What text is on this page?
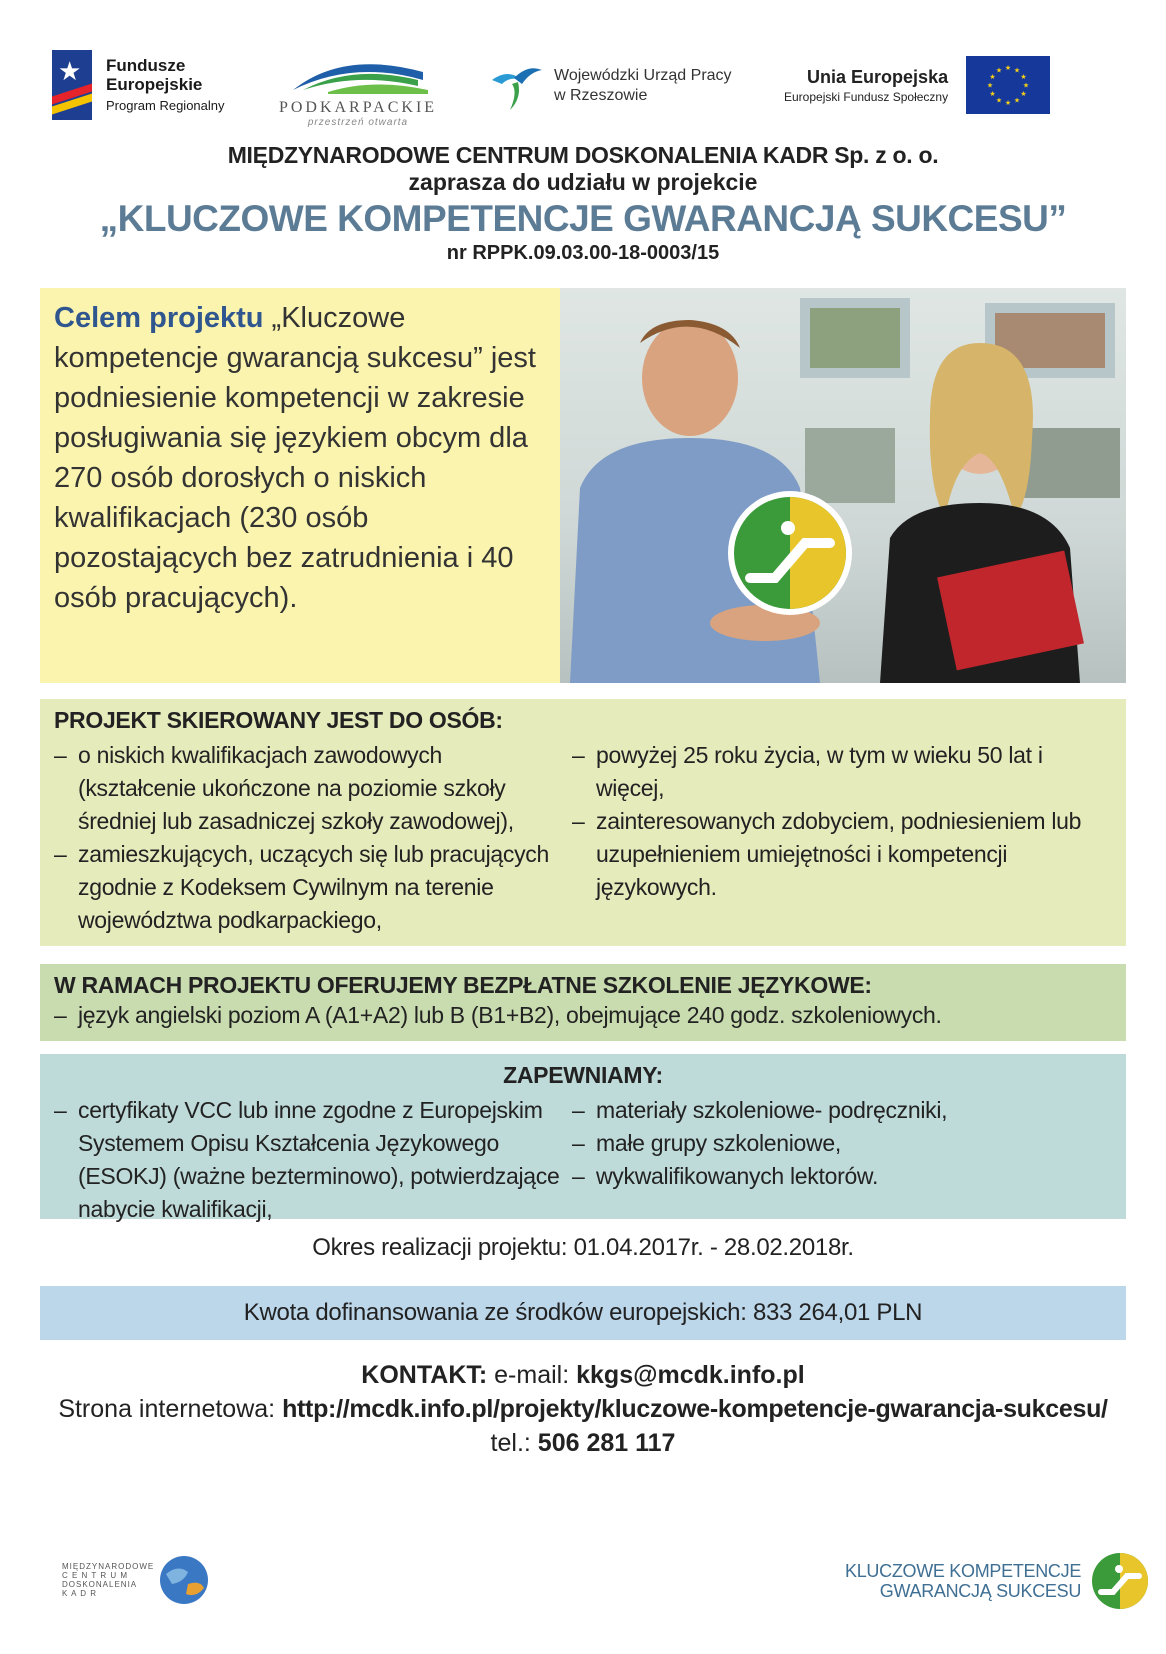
★ Fundusze
Europejskie
Program Regionalny	PODKARPACKIE
przestrzeń otwarta
Wojewódzki Urząd Pracy
w Rzeszowie
Unia Europejska
Europejski Fundusz Społeczny
★ ★
★
★
★
★
★
★
★
★
★
★
MIĘDZYNARODOWE CENTRUM DOSKONALENIA KADR Sp. z o. o.
zaprasza do udziału w projekcie
„KLUCZOWE KOMPETENCJE GWARANCJĄ SUKCESU”
nr RPPK.09.03.00-18-0003/15

Celem projektu „Kluczowe kompetencje gwarancją sukcesu” jest podniesienie kompetencji w zakresie posługiwania się językiem obcym dla 270 osób dorosłych o niskich kwalifikacjach (230 osób pozostających bez zatrudnienia i 40 osób pracujących).

PROJEKT SKIEROWANY JEST DO OSÓB:
– o niskich kwalifikacjach zawodowych (kształcenie ukończone na poziomie szkoły średniej lub zasadniczej szkoły zawodowej),
– zamieszkujących, uczących się lub pracujących zgodnie z Kodeksem Cywilnym na terenie województwa podkarpackiego,
– powyżej 25 roku życia, w tym w wieku 50 lat i więcej,
– zainteresowanych zdobyciem, podniesieniem lub uzupełnieniem umiejętności i kompetencji językowych.
W RAMACH PROJEKTU OFERUJEMY BEZPŁATNE SZKOLENIE JĘZYKOWE:
– język angielski poziom A (A1+A2) lub B (B1+B2), obejmujące 240 godz. szkoleniowych.
ZAPEWNIAMY:
– certyfikaty VCC lub inne zgodne z Europejskim Systemem Opisu Kształcenia Językowego (ESOKJ) (ważne bezterminowo), potwierdzające nabycie kwalifikacji,
– materiały szkoleniowe- podręczniki,
– małe grupy szkoleniowe,
– wykwalifikowanych lektorów.
Okres realizacji projektu: 01.04.2017r. - 28.02.2018r.
Kwota dofinansowania ze środków europejskich: 833 264,01 PLN
KONTAKT: e-mail: kkgs@mcdk.info.pl
Strona internetowa: http://mcdk.info.pl/projekty/kluczowe-kompetencje-gwarancja-sukcesu/
tel.: 506 281 117
MIĘDZYNARODOWE
C E N T R U M
DOSKONALENIA
K A D R
KLUCZOWE KOMPETENCJE
GWARANCJĄ SUKCESU
